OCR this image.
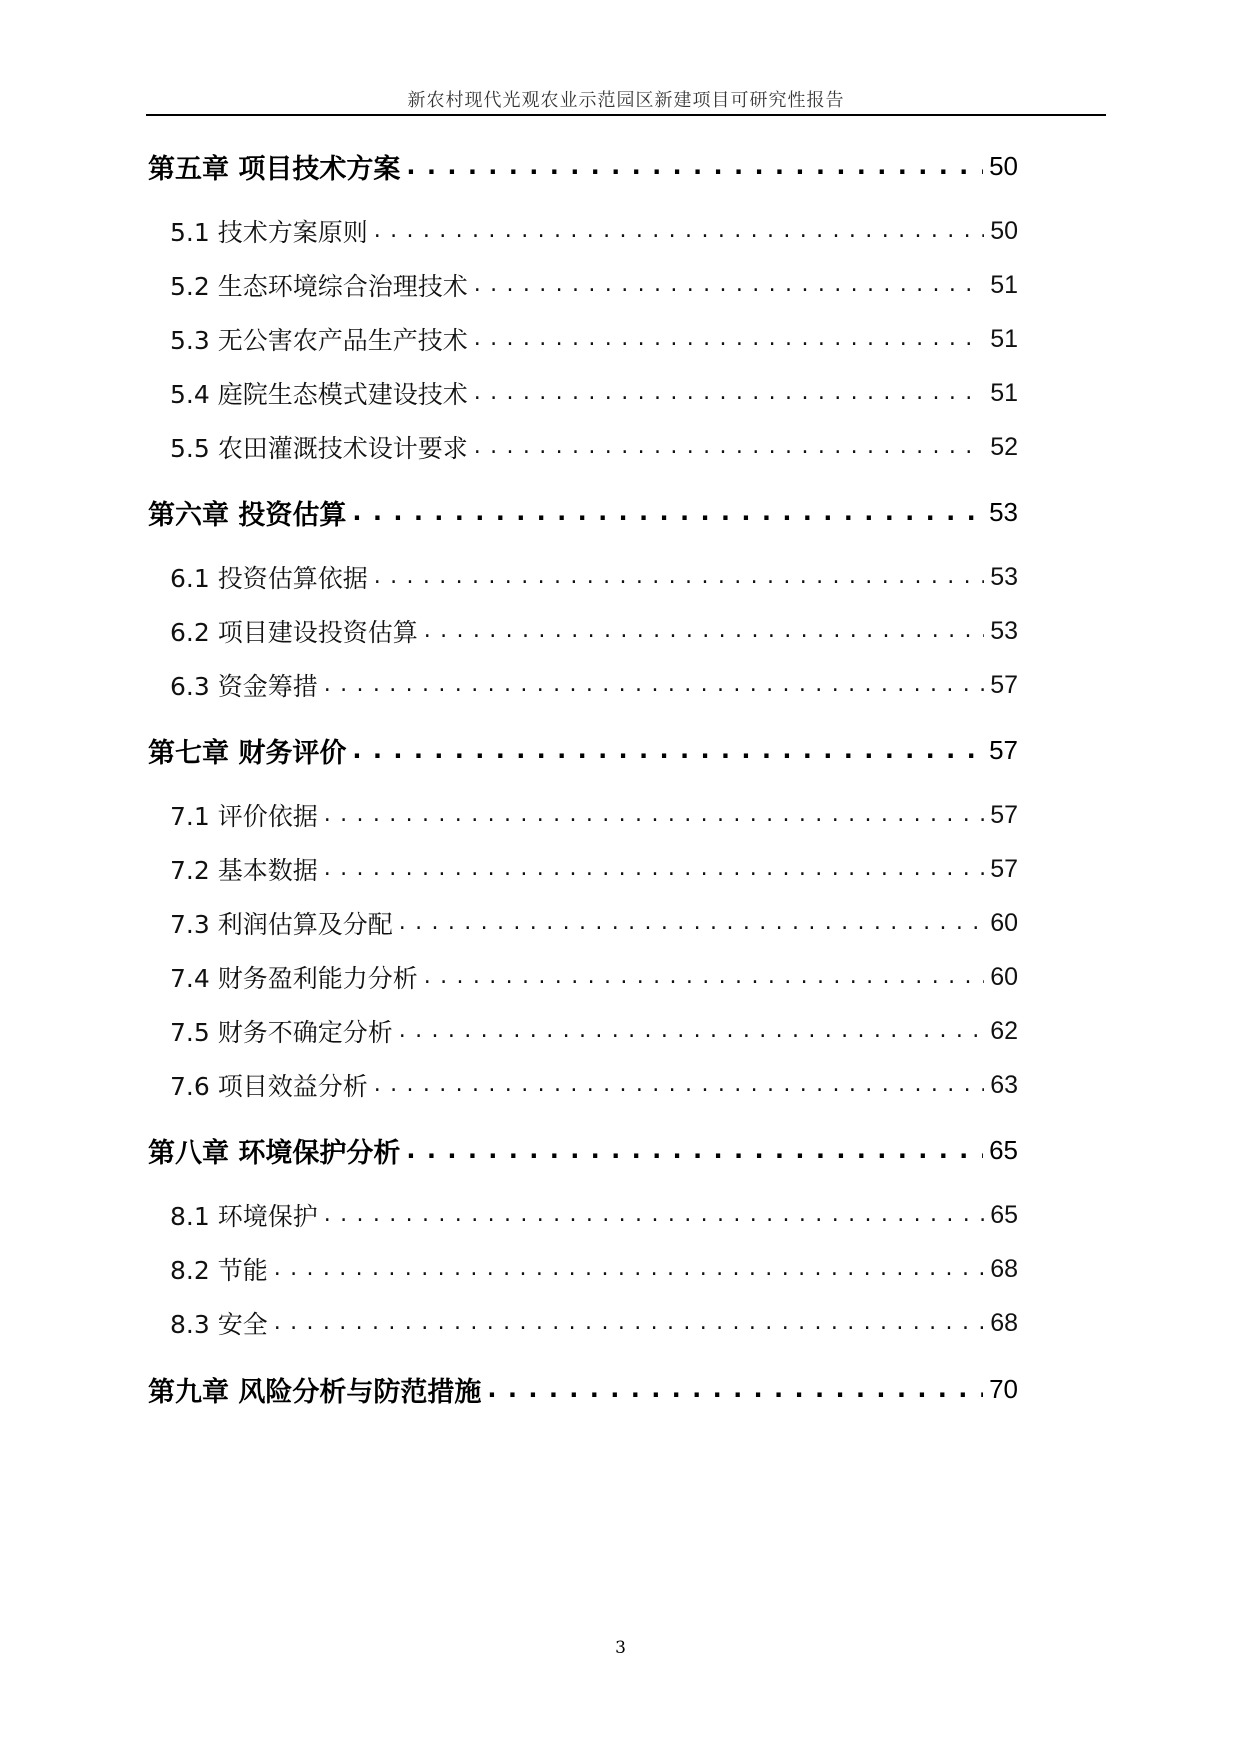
新农村现代光观农业示范园区新建项目可研究性报告
第五章 项目技术方案 . . .	50
5.1 技术方案原则 . . .	50
5.2 生态环境综合治理技术 . . .	51
5.3 无公害农产品生产技术 . . .	51
5.4 庭院生态模式建设技术 . . .	51
5.5 农田灌溉技术设计要求 . . .	52
第六章 投资估算 . . .	53
6.1 投资估算依据 . . .	53
6.2 项目建设投资估算 . . .	53
6.3 资金筹措 . . .	57
第七章 财务评价 . . .	57
7.1 评价依据 . . .	57
7.2 基本数据 . . .	57
7.3 利润估算及分配 . . .	60
7.4 财务盈利能力分析 . . .	60
7.5 财务不确定分析 . . .	62
7.6 项目效益分析 . . .	63
第八章 环境保护分析 . . .	65
8.1 环境保护 . . .	65
8.2 节能 . . .	68
8.3 安全 . . .	68
第九章 风险分析与防范措施 . . .	70
3
